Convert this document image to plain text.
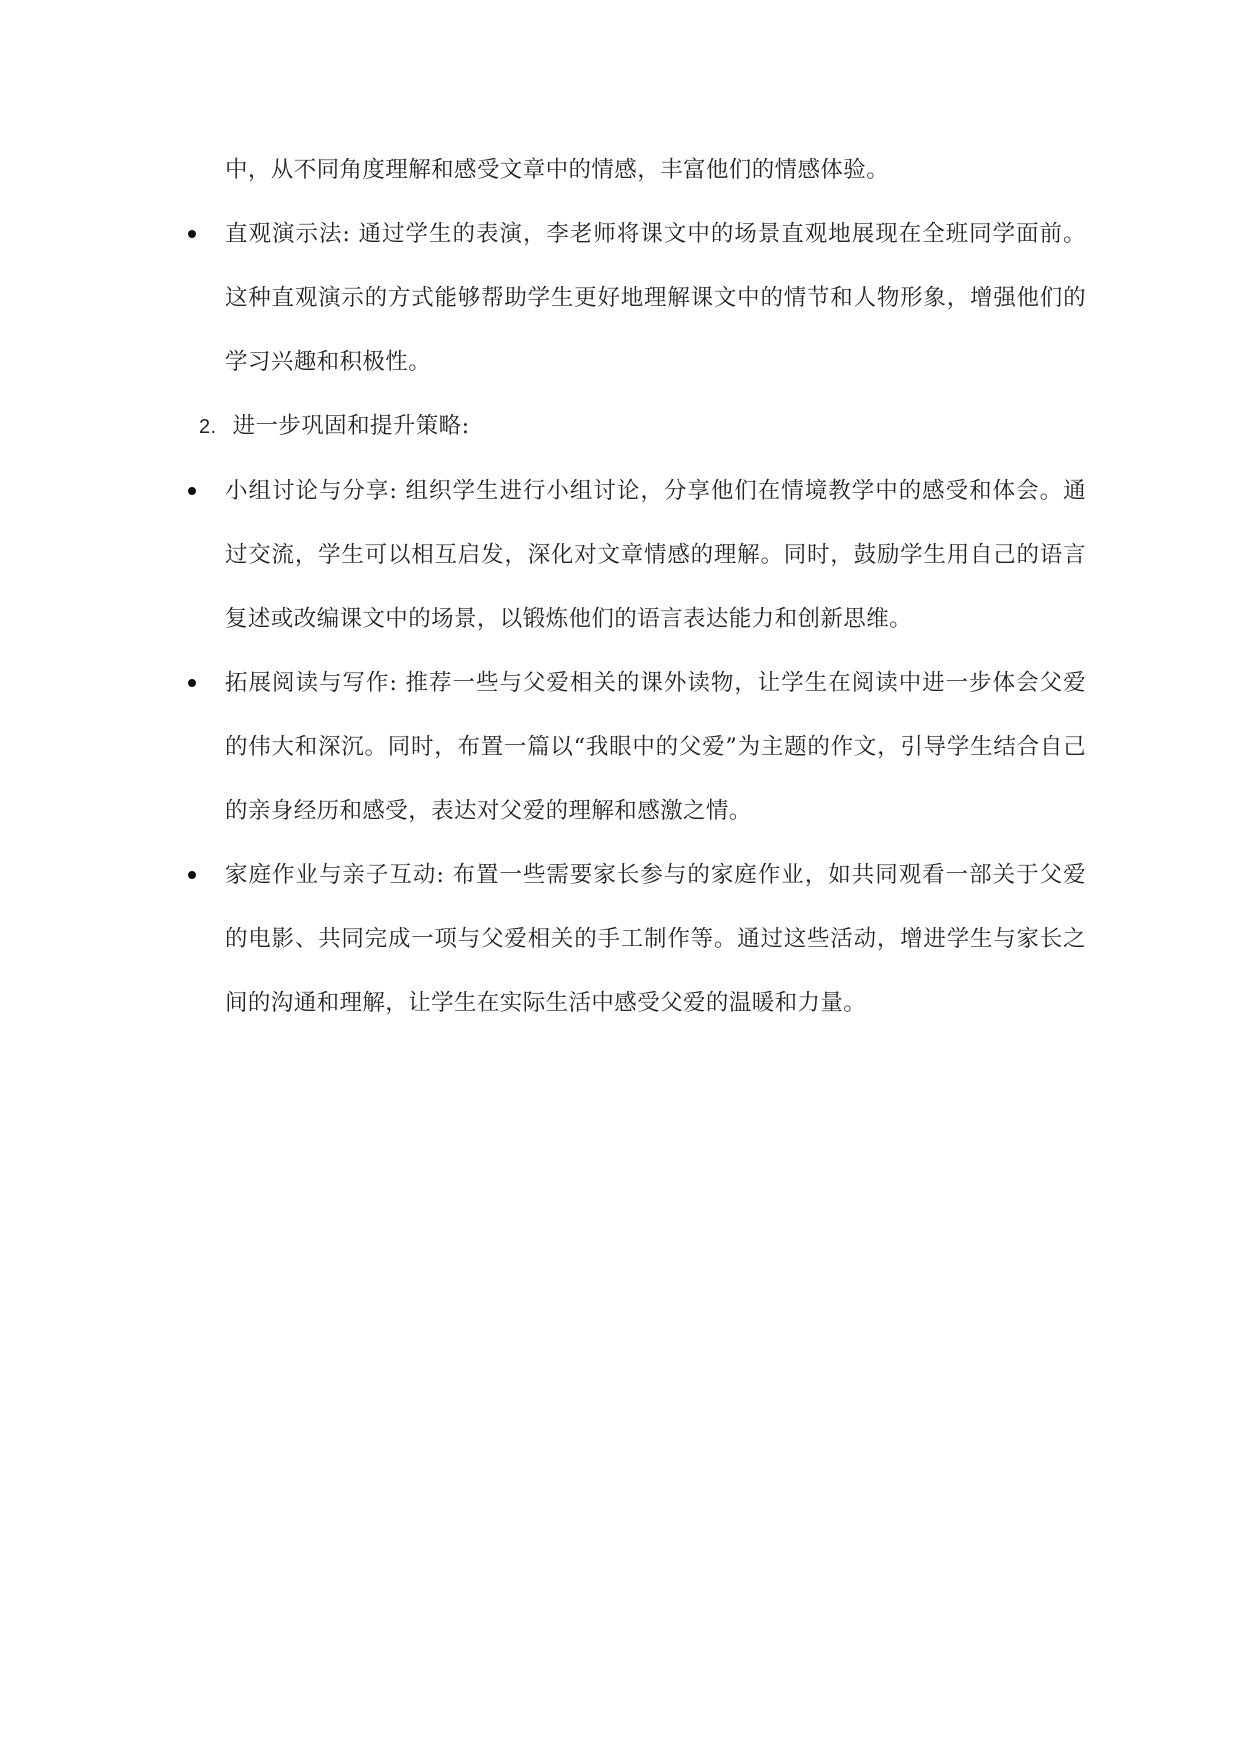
中，从不同角度理解和感受文章中的情感，丰富他们的情感体验。
直观演示法: 通过学生的表演，李老师将课文中的场景直观地展现在全班同学面前。这种直观演示的方式能够帮助学生更好地理解课文中的情节和人物形象，增强他们的学习兴趣和积极性。
2. 进一步巩固和提升策略:
小组讨论与分享: 组织学生进行小组讨论，分享他们在情境教学中的感受和体会。通过交流，学生可以相互启发，深化对文章情感的理解。同时，鼓励学生用自己的语言复述或改编课文中的场景，以锻炼他们的语言表达能力和创新思维。
拓展阅读与写作: 推荐一些与父爱相关的课外读物，让学生在阅读中进一步体会父爱的伟大和深沉。同时，布置一篇以“我眼中的父爱”为主题的作文，引导学生结合自己的亲身经历和感受，表达对父爱的理解和感激之情。
家庭作业与亲子互动: 布置一些需要家长参与的家庭作业，如共同观看一部关于父爱的电影、共同完成一项与父爱相关的手工制作等。通过这些活动，增进学生与家长之间的沟通和理解，让学生在实际生活中感受父爱的温暖和力量。
